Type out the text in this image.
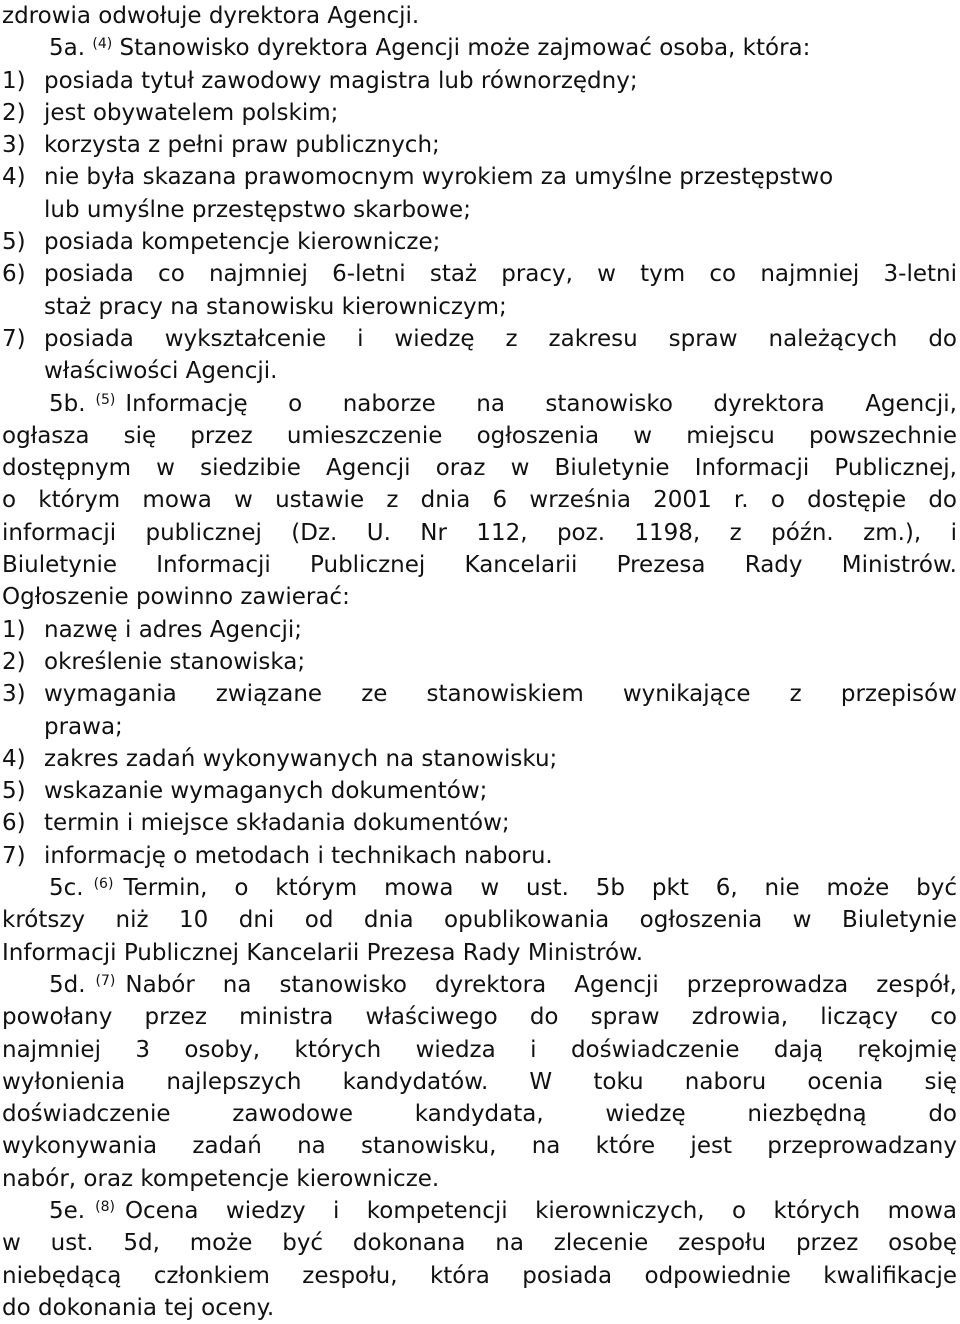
zdrowia odwołuje dyrektora Agencji.
5a. $^{(4)}$ Stanowisko dyrektora Agencji może zajmować osoba, która:
1) posiada tytuł zawodowy magistra lub równorzędny;
2) jest obywatelem polskim;
3) korzysta z pełni praw publicznych;
4) nie była skazana prawomocnym wyrokiem za umyślne przestępstwo
lub umyślne przestępstwo skarbowe;
5) posiada kompetencje kierownicze;
6) posiada co najmniej 6-letni staż pracy, w tym co najmniej 3-letni
staż pracy na stanowisku kierowniczym;
7) posiada wykształcenie i wiedzę z zakresu spraw należących do
właściwości Agencji.
5b. $^{(5)}$ Informację o naborze na stanowisko dyrektora Agencji,
ogłasza się przez umieszczenie ogłoszenia w miejscu powszechnie
dostępnym w siedzibie Agencji oraz w Biuletynie Informacji Publicznej,
o którym mowa w ustawie z dnia 6 września 2001 r. o dostępie do
informacji publicznej (Dz. U. Nr 112, poz. 1198, z późn. zm.), i
Biuletynie Informacji Publicznej Kancelarii Prezesa Rady Ministrów.
Ogłoszenie powinno zawierać:
1) nazwę i adres Agencji;
2) określenie stanowiska;
3) wymagania związane ze stanowiskiem wynikające z przepisów
prawa;
4) zakres zadań wykonywanych na stanowisku;
5) wskazanie wymaganych dokumentów;
6) termin i miejsce składania dokumentów;
7) informację o metodach i technikach naboru.
5c. $^{(6)}$ Termin, o którym mowa w ust. 5b pkt 6, nie może być
krótszy niż 10 dni od dnia opublikowania ogłoszenia w Biuletynie
Informacji Publicznej Kancelarii Prezesa Rady Ministrów.
5d. $^{(7)}$ Nabór na stanowisko dyrektora Agencji przeprowadza zespół,
powołany przez ministra właściwego do spraw zdrowia, liczący co
najmniej 3 osoby, których wiedza i doświadczenie dają rękojmię
wyłonienia najlepszych kandydatów. W toku naboru ocenia się
doświadczenie zawodowe kandydata, wiedzę niezbędną do
wykonywania zadań na stanowisku, na które jest przeprowadzany
nabór, oraz kompetencje kierownicze.
5e. $^{(8)}$ Ocena wiedzy i kompetencji kierowniczych, o których mowa
w ust. 5d, może być dokonana na zlecenie zespołu przez osobę
niebędącą członkiem zespołu, która posiada odpowiednie kwalifikacje
do dokonania tej oceny.
